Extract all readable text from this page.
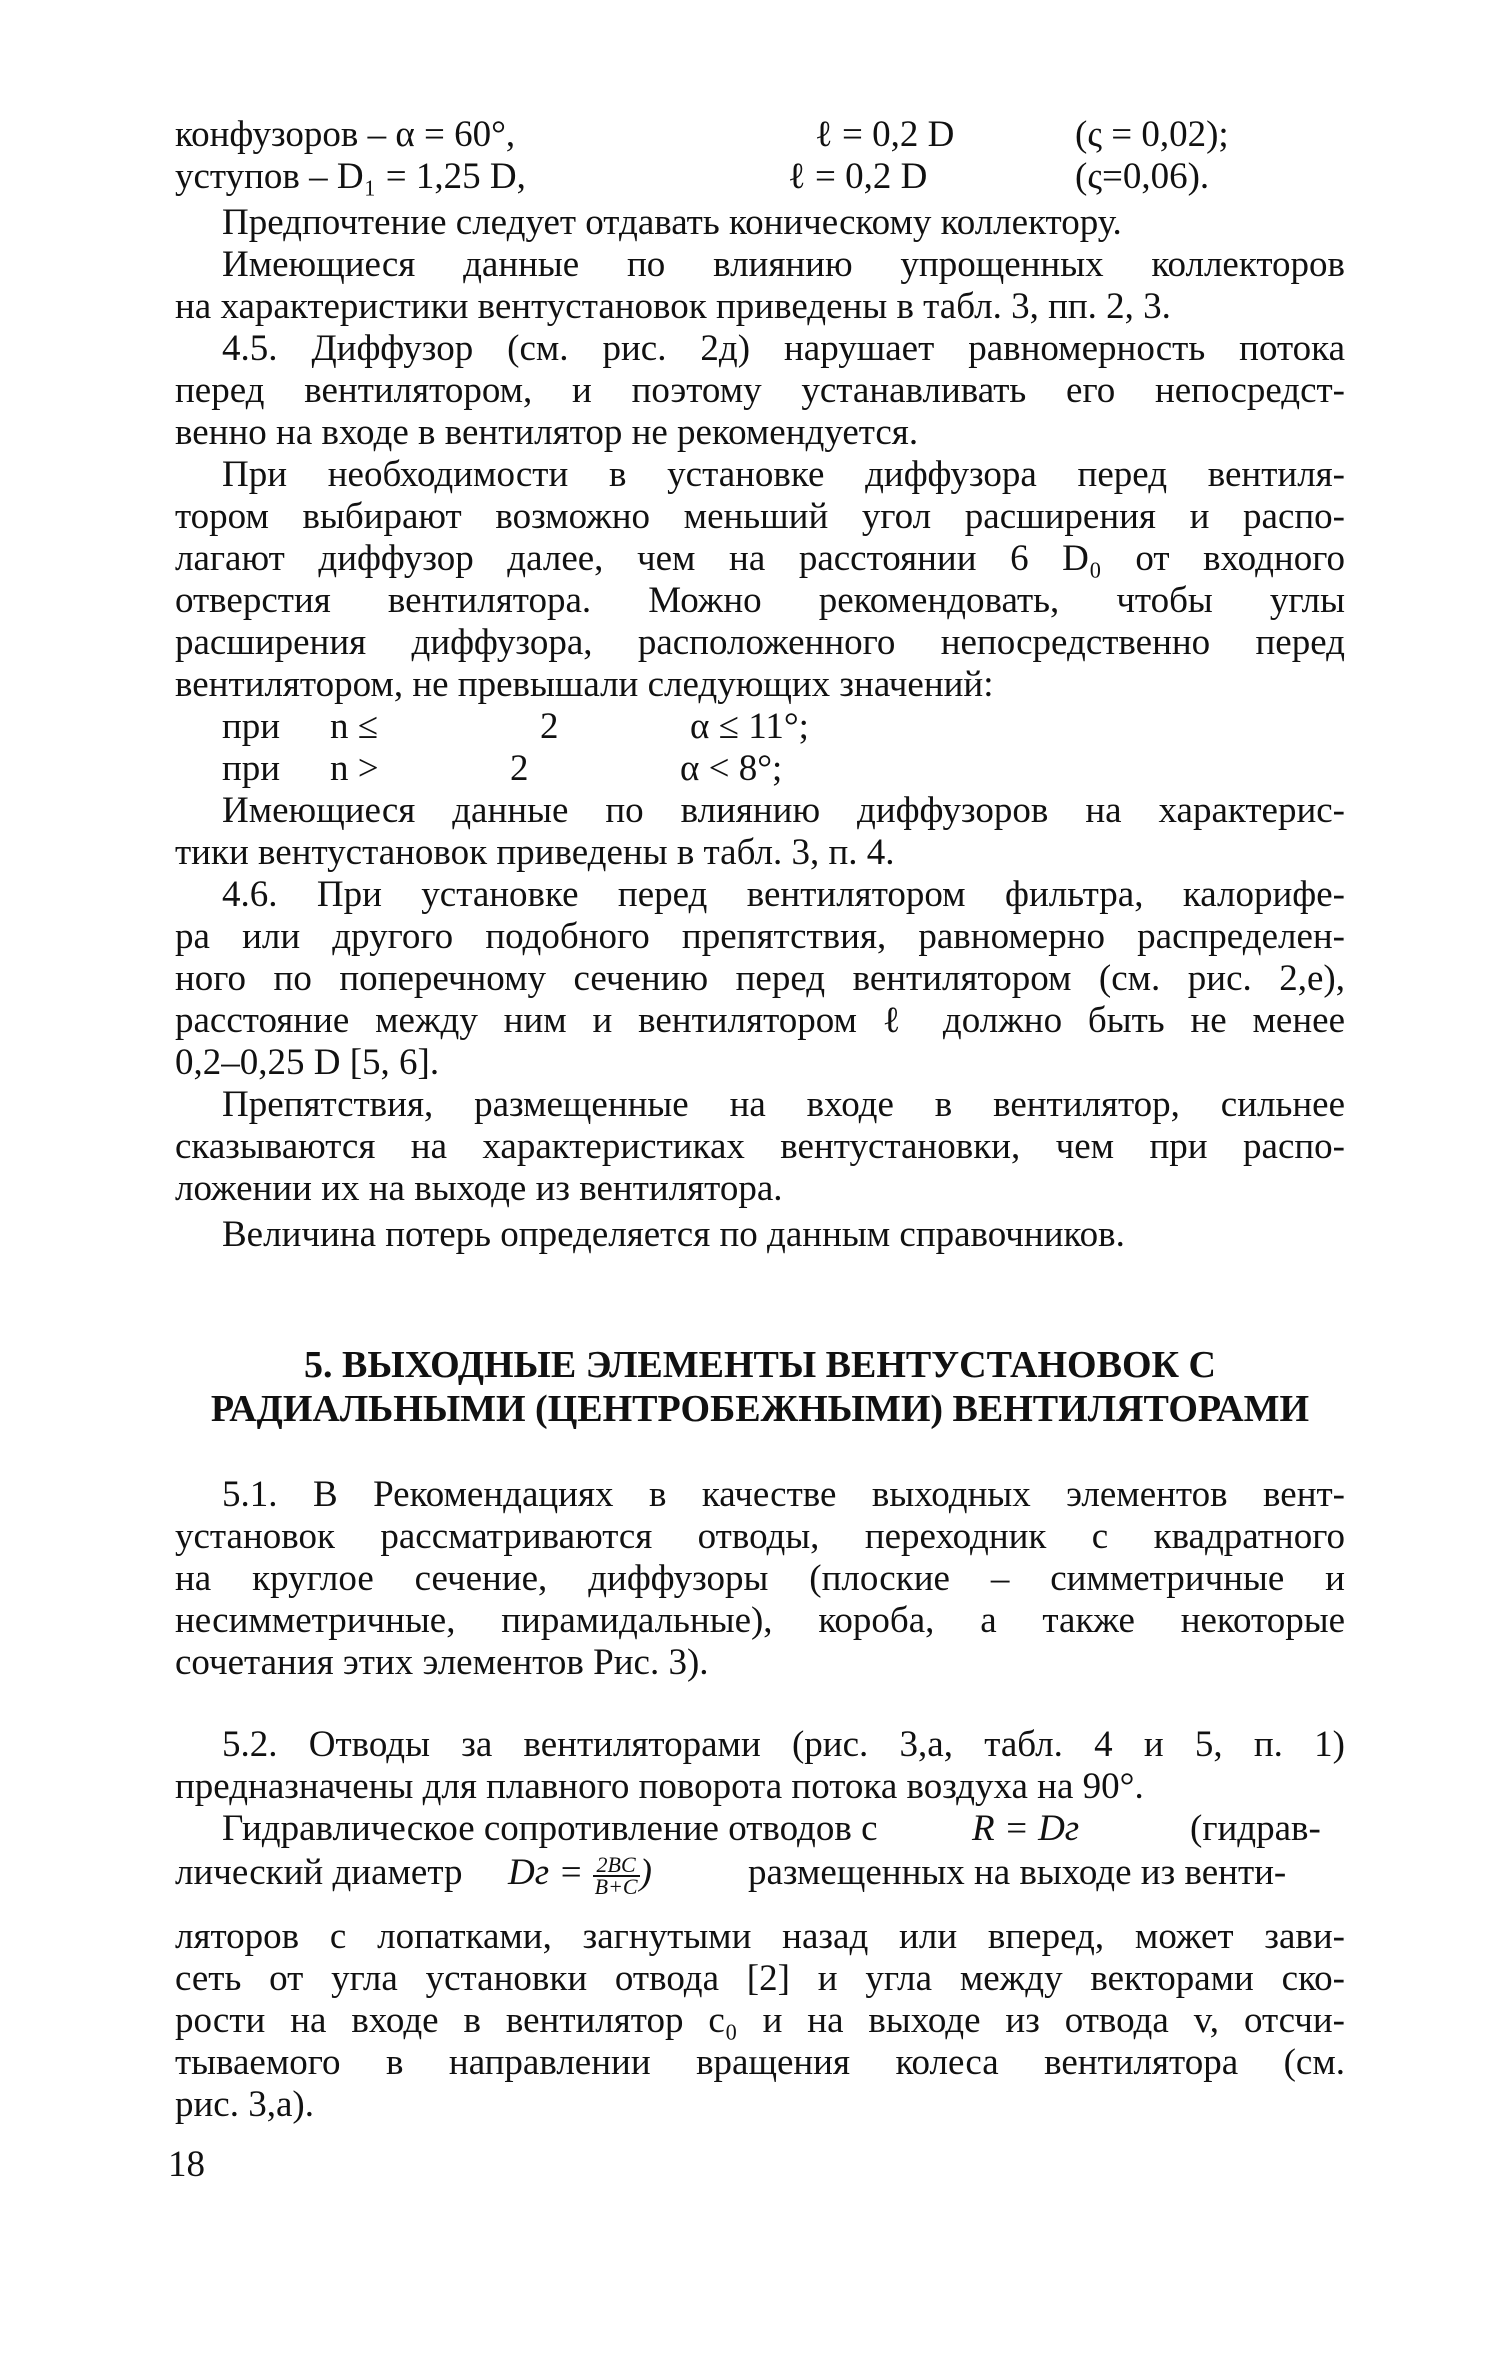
конфузоров – α = 60°,	ℓ = 0,2 D	(ς = 0,02);
уступов – D₁ = 1,25 D,	ℓ = 0,2 D	(ς=0,06).
Предпочтение следует отдавать коническому коллектору.
Имеющиеся данные по влиянию упрощенных коллекторов
на характеристики вентустановок приведены в табл. 3, пп. 2, 3.
4.5. Диффузор (см. рис. 2д) нарушает равномерность потока
перед вентилятором, и поэтому устанавливать его непосредст-
венно на входе в вентилятор не рекомендуется.
При необходимости в установке диффузора перед вентиля-
тором выбирают возможно меньший угол расширения и распо-
лагают диффузор далее, чем на расстоянии 6 D₀ от входного
отверстия вентилятора. Можно рекомендовать, чтобы углы
расширения диффузора, расположенного непосредственно перед
вентилятором, не превышали следующих значений:
при n ≤	2	α ≤ 11°;
при n >	2	α < 8°;
Имеющиеся данные по влиянию диффузоров на характерис-
тики вентустановок приведены в табл. 3, п. 4.
4.6. При установке перед вентилятором фильтра, калорифе-
ра или другого подобного препятствия, равномерно распределен-
ного по поперечному сечению перед вентилятором (см. рис. 2,е),
расстояние между ним и вентилятором ℓ должно быть не менее
0,2–0,25 D [5, 6].
Препятствия, размещенные на входе в вентилятор, сильнее
сказываются на характеристиках вентустановки, чем при распо-
ложении их на выходе из вентилятора.
Величина потерь определяется по данным справочников.
5. ВЫХОДНЫЕ ЭЛЕМЕНТЫ ВЕНТУСТАНОВОК С
РАДИАЛЬНЫМИ (ЦЕНТРОБЕЖНЫМИ) ВЕНТИЛЯТОРАМИ
5.1. В Рекомендациях в качестве выходных элементов вент-
установок рассматриваются отводы, переходник с квадратного
на круглое сечение, диффузоры (плоские – симметричные и
несимметричные, пирамидальные), короба, а также некоторые
сочетания этих элементов Рис. 3).
5.2. Отводы за вентиляторами (рис. 3,а, табл. 4 и 5, п. 1)
предназначены для плавного поворота потока воздуха на 90°.
Гидравлическое сопротивление отводов с	R = Dг	(гидрав-
лический диаметр Dг = $\frac{2BC}{B+C}$ )	размещенных на выходе из венти-
ляторов с лопатками, загнутыми назад или вперед, может зави-
сеть от угла установки отвода [2] и угла между векторами ско-
рости на входе в вентилятор c₀ и на выходе из отвода v, отсчи-
тываемого в направлении вращения колеса вентилятора (см.
рис. 3,а).
18
